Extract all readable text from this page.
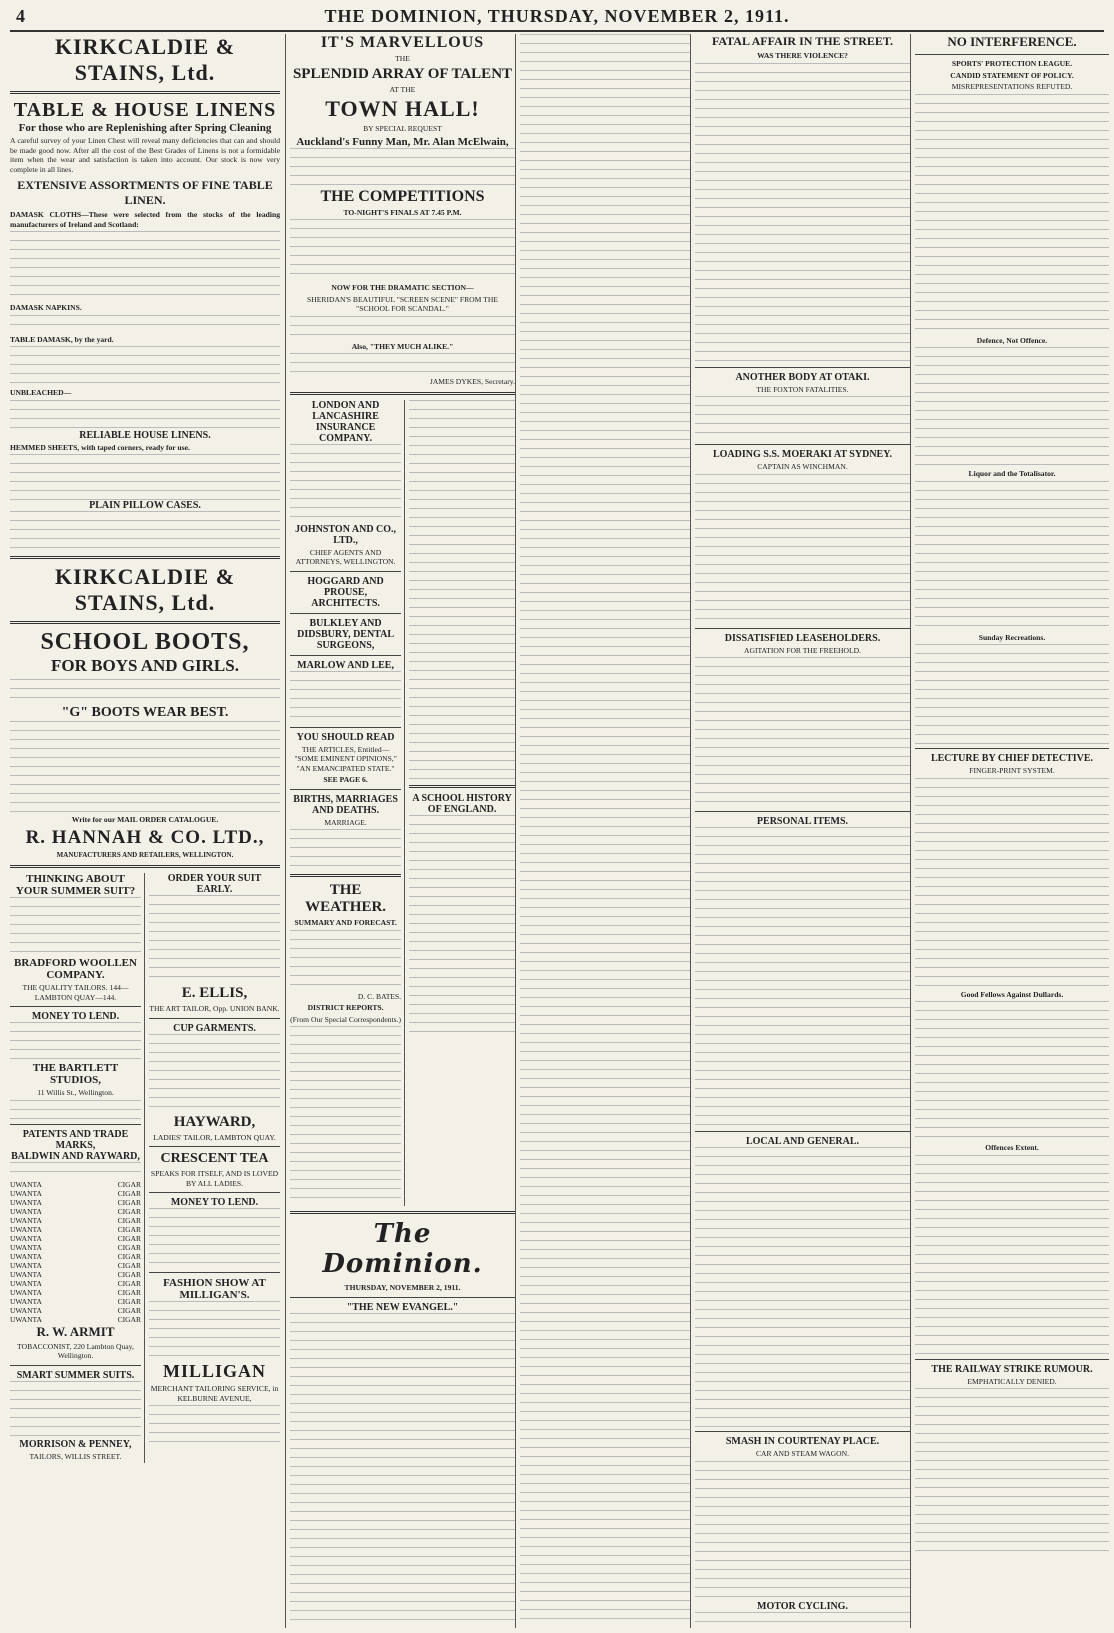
4	THE DOMINION, THURSDAY, NOVEMBER 2, 1911.
KIRKCALDIE & STAINS, Ltd.
TABLE & HOUSE LINENS
For those who are Replenishing after Spring Cleaning

A careful survey of your Linen Chest will reveal many deficiencies that can and should be made good now. After all the cost of the Best Grades of Linens is not a formidable item when the wear and satisfaction is taken into account. Our stock is now very complete in all lines.

EXTENSIVE ASSORTMENTS OF FINE TABLE LINEN.

DAMASK CLOTHS—These were selected from the stocks of the leading manufacturers of Ireland and Scotland:

DAMASK NAPKINS.

TABLE DAMASK, by the yard.

UNBLEACHED—

RELIABLE HOUSE LINENS.

HEMMED SHEETS, with taped corners, ready for use.

PLAIN PILLOW CASES.
KIRKCALDIE & STAINS, Ltd.
SCHOOL BOOTS,
FOR BOYS AND GIRLS.
"G" BOOTS WEAR BEST.

Write for our MAIL ORDER CATALOGUE.

R. HANNAH & CO. LTD.,

MANUFACTURERS AND RETAILERS, WELLINGTON.

THINKING ABOUT YOUR SUMMER SUIT?
BRADFORD WOOLLEN COMPANY.

THE QUALITY TAILORS. 144—LAMBTON QUAY—144.

MONEY TO LEND.
THE BARTLETT STUDIOS,

11 Willis St., Wellington.

PATENTS AND TRADE MARKS,
BALDWIN AND RAYWARD,
UWANTA	CIGAR
UWANTA	CIGAR
UWANTA	CIGAR
UWANTA	CIGAR
UWANTA	CIGAR
UWANTA	CIGAR
UWANTA	CIGAR
UWANTA	CIGAR
UWANTA	CIGAR
UWANTA	CIGAR
UWANTA	CIGAR
UWANTA	CIGAR
UWANTA	CIGAR
UWANTA	CIGAR
UWANTA	CIGAR
UWANTA	CIGAR
R. W. ARMIT

TOBACCONIST, 220 Lambton Quay, Wellington.

SMART SUMMER SUITS.
MORRISON & PENNEY,

TAILORS, WILLIS STREET.

ORDER YOUR SUIT EARLY.
E. ELLIS,

THE ART TAILOR, Opp. UNION BANK.

CUP GARMENTS.
HAYWARD,

LADIES' TAILOR, LAMBTON QUAY.

CRESCENT TEA

SPEAKS FOR ITSELF, AND IS LOVED BY ALL LADIES.

MONEY TO LEND.
FASHION SHOW AT MILLIGAN'S.
MILLIGAN

MERCHANT TAILORING SERVICE, in KELBURNE AVENUE,

IT'S MARVELLOUS

THE

SPLENDID ARRAY OF TALENT

AT THE

TOWN HALL!

BY SPECIAL REQUEST

Auckland's Funny Man, Mr. Alan McElwain,
THE COMPETITIONS

TO-NIGHT'S FINALS AT 7.45 P.M.

NOW FOR THE DRAMATIC SECTION—

SHERIDAN'S BEAUTIFUL "SCREEN SCENE" FROM THE "SCHOOL FOR SCANDAL."

Also, "THEY MUCH ALIKE."

JAMES DYKES, Secretary.

LONDON AND LANCASHIRE INSURANCE COMPANY.
JOHNSTON AND CO., LTD.,

CHIEF AGENTS AND ATTORNEYS, WELLINGTON.

HOGGARD AND PROUSE, ARCHITECTS.
BULKLEY AND DIDSBURY, DENTAL SURGEONS,
MARLOW AND LEE,
YOU SHOULD READ

THE ARTICLES, Entitled— "SOME EMINENT OPINIONS," "AN EMANCIPATED STATE."

SEE PAGE 6.

BIRTHS, MARRIAGES AND DEATHS.

MARRIAGE.

THE WEATHER.

SUMMARY AND FORECAST.

D. C. BATES.

DISTRICT REPORTS.

(From Our Special Correspondents.)

A SCHOOL HISTORY OF ENGLAND.
The Dominion.

THURSDAY, NOVEMBER 2, 1911.

"THE NEW EVANGEL."
FATAL AFFAIR IN THE STREET.

WAS THERE VIOLENCE?

ANOTHER BODY AT OTAKI.

THE FOXTON FATALITIES.

LOADING S.S. MOERAKI AT SYDNEY.

CAPTAIN AS WINCHMAN.

DISSATISFIED LEASEHOLDERS.

AGITATION FOR THE FREEHOLD.

PERSONAL ITEMS.
LOCAL AND GENERAL.
SMASH IN COURTENAY PLACE.

CAR AND STEAM WAGON.

MOTOR CYCLING.
NO INTERFERENCE.

SPORTS' PROTECTION LEAGUE.

CANDID STATEMENT OF POLICY.

MISREPRESENTATIONS REFUTED.

Defence, Not Offence.

Liquor and the Totalisator.

Sunday Recreations.

LECTURE BY CHIEF DETECTIVE.

FINGER-PRINT SYSTEM.

Good Fellows Against Dullards.

Offences Extent.

THE RAILWAY STRIKE RUMOUR.

EMPHATICALLY DENIED.
